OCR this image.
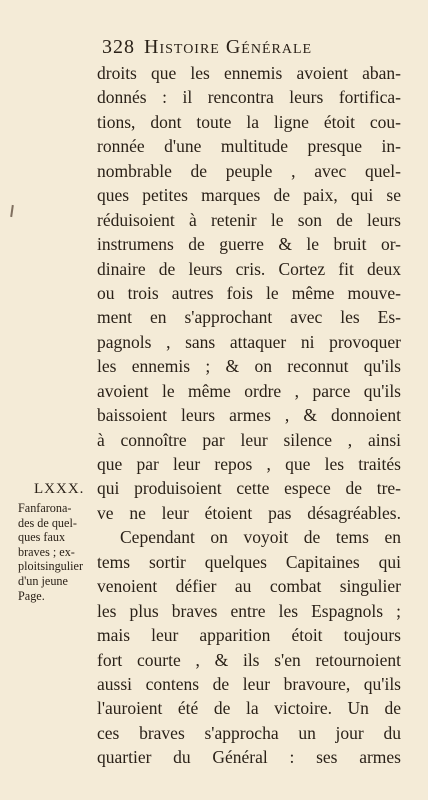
328 Histoire Générale
LXXX.
Fanfarona-
des de quel-
ques faux
braves ; ex-
ploitsingulier
d'un jeune
Page.
droits que les ennemis avoient aban-
donnés : il rencontra leurs fortifica-
tions, dont toute la ligne étoit cou-
ronnée d'une multitude presque in-
nombrable de peuple , avec quel-
ques petites marques de paix, qui se
réduisoient à retenir le son de leurs
instrumens de guerre & le bruit or-
dinaire de leurs cris. Cortez fit deux
ou trois autres fois le même mouve-
ment en s'approchant avec les Es-
pagnols , sans attaquer ni provoquer
les ennemis ; & on reconnut qu'ils
avoient le même ordre , parce qu'ils
baissoient leurs armes , & donnoient
à connoître par leur silence , ainsi
que par leur repos , que les traités
qui produisoient cette espece de tre-
ve ne leur étoient pas désagréables.
Cependant on voyoit de tems en
tems sortir quelques Capitaines qui
venoient défier au combat singulier
les plus braves entre les Espagnols ;
mais leur apparition étoit toujours
fort courte , & ils s'en retournoient
aussi contens de leur bravoure, qu'ils
l'auroient été de la victoire. Un de
ces braves s'approcha un jour du
quartier du Général : ses armes
